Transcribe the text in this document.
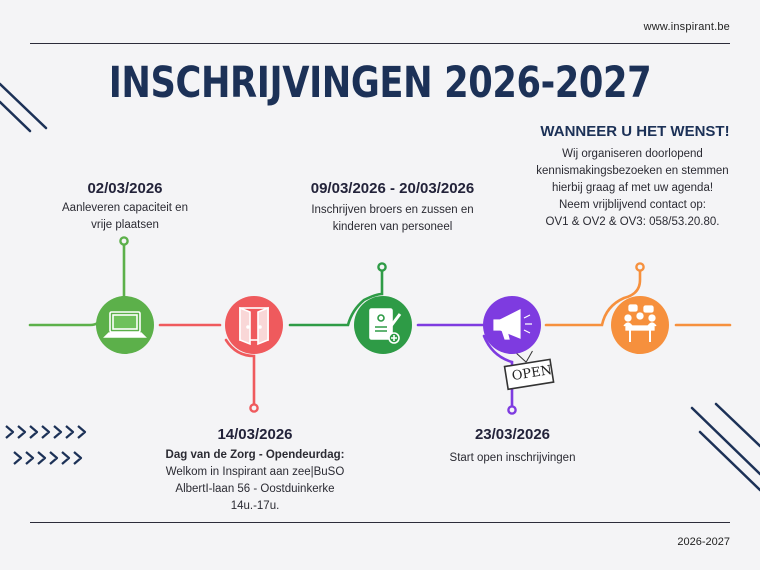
www.inspirant.be
INSCHRIJVINGEN 2026-2027
OPEN
02/03/2026
Aanleveren capaciteit en
vrije plaatsen
14/03/2026
Dag van de Zorg - Opendeurdag:
Welkom in Inspirant aan zee|BuSO
AlbertI-laan 56 - Oostduinkerke
14u.-17u.
09/03/2026 - 20/03/2026
Inschrijven broers en zussen en
kinderen van personeel
23/03/2026
Start open inschrijvingen
WANNEER U HET WENST!
Wij organiseren doorlopend
kennismakingsbezoeken en stemmen
hierbij graag af met uw agenda!
Neem vrijblijvend contact op:
OV1 & OV2 & OV3: 058/53.20.80.
2026-2027
